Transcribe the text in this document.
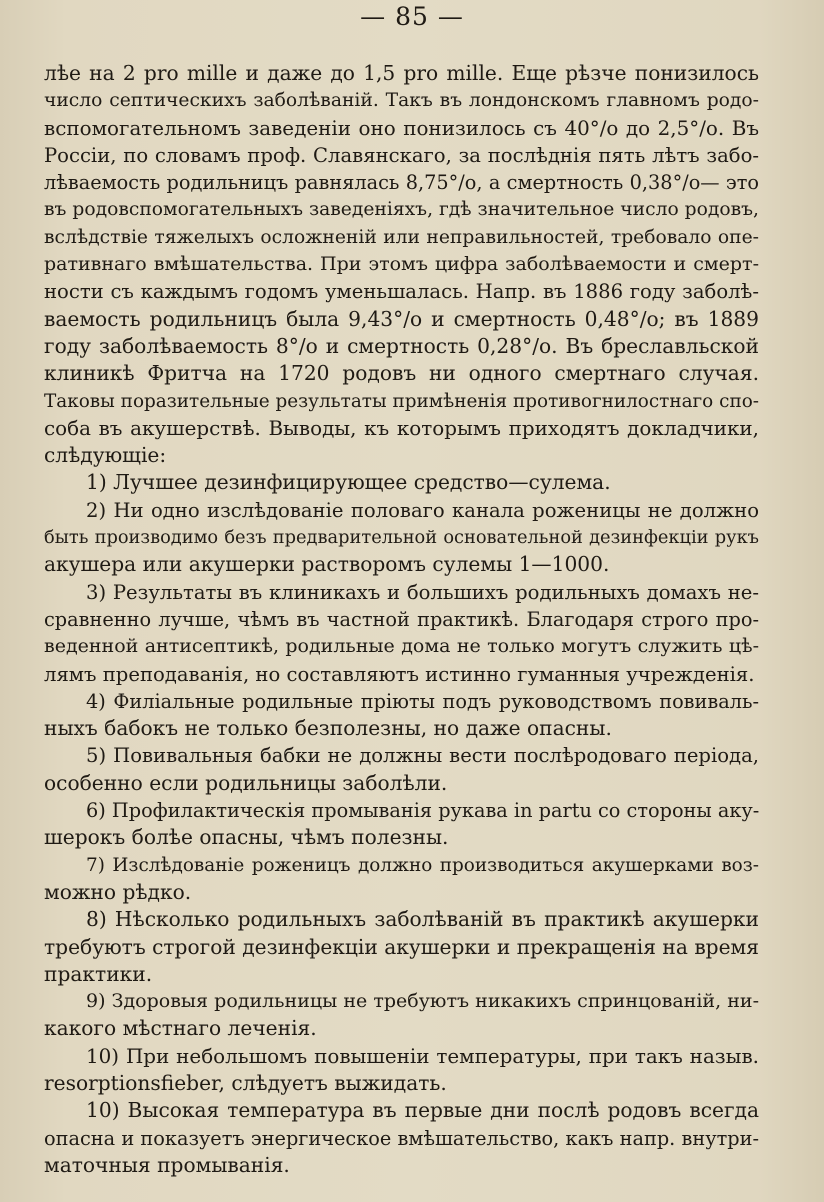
— 85 —
лѣе на 2 pro mille и даже до 1,5 pro mille. Еще рѣзче понизилось
число септическихъ заболѣваній. Такъ въ лондонскомъ главномъ родо-
вспомогательномъ заведеніи оно понизилось съ 40°/о до 2,5°/о. Въ
Россіи, по словамъ проф. Славянскаго, за послѣднія пять лѣтъ забо-
лѣваемость родильницъ равнялась 8,75°/о, а смертность 0,38°/о— это
въ родовспомогательныхъ заведеніяхъ, гдѣ значительное число родовъ,
вслѣдствіе тяжелыхъ осложненій или неправильностей, требовало опе-
ративнаго вмѣшательства. При этомъ цифра заболѣваемости и смерт-
ности съ каждымъ годомъ уменьшалась. Напр. въ 1886 году заболѣ-
ваемость родильницъ была 9,43°/о и смертность 0,48°/о; въ 1889
году заболѣваемость 8°/о и смертность 0,28°/о. Въ бреславльской
клиникѣ Фритча на 1720 родовъ ни одного смертнаго случая.
Таковы поразительные результаты примѣненія противогнилостнаго спо-
соба въ акушерствѣ. Выводы, къ которымъ приходятъ докладчики,
слѣдующіе:
1) Лучшее дезинфицирующее средство—сулема.
2) Ни одно изслѣдованіе половаго канала роженицы не должно
быть производимо безъ предварительной основательной дезинфекціи рукъ
акушера или акушерки растворомъ сулемы 1—1000.
3) Результаты въ клиникахъ и большихъ родильныхъ домахъ не-
сравненно лучше, чѣмъ въ частной практикѣ. Благодаря строго про-
веденной антисептикѣ, родильные дома не только могутъ служить цѣ-
лямъ преподаванія, но составляютъ истинно гуманныя учрежденія.
4) Филіальные родильные пріюты подъ руководствомъ повиваль-
ныхъ бабокъ не только безполезны, но даже опасны.
5) Повивальныя бабки не должны вести послѣродоваго періода,
особенно если родильницы заболѣли.
6) Профилактическія промыванія рукава in partu со стороны аку-
шерокъ болѣе опасны, чѣмъ полезны.
7) Изслѣдованіе роженицъ должно производиться акушерками воз-
можно рѣдко.
8) Нѣсколько родильныхъ заболѣваній въ практикѣ акушерки
требуютъ строгой дезинфекціи акушерки и прекращенія на время
практики.
9) Здоровыя родильницы не требуютъ никакихъ спринцованій, ни-
какого мѣстнаго леченія.
10) При небольшомъ повышеніи температуры, при такъ назыв.
resorptionsfieber, слѣдуетъ выжидать.
10) Высокая температура въ первые дни послѣ родовъ всегда
опасна и показуетъ энергическое вмѣшательство, какъ напр. внутри-
маточныя промыванія.
